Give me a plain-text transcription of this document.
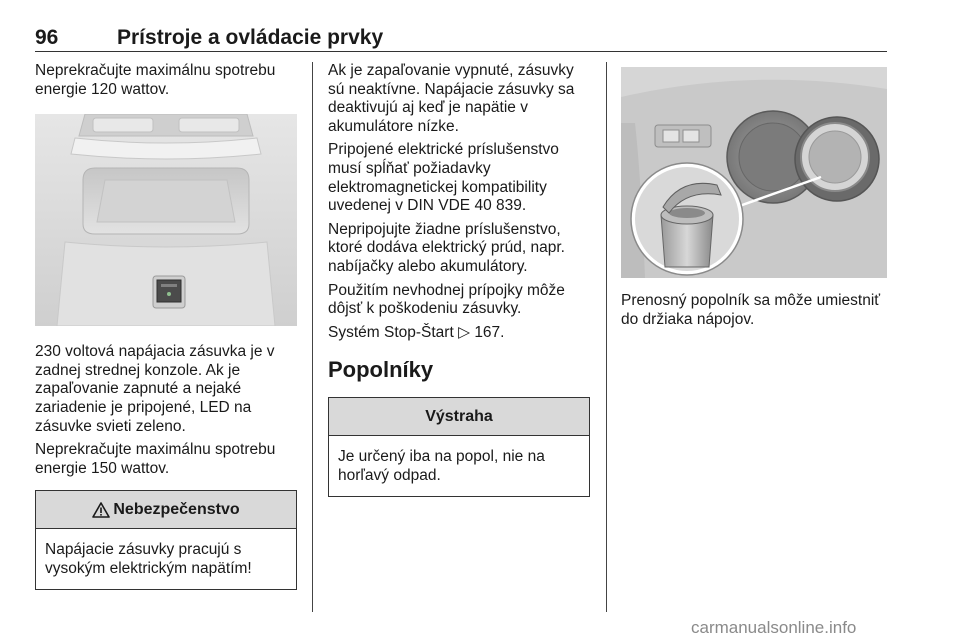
96	Prístroje a ovládacie prvky

Neprekračujte maximálnu spotrebu energie 120 wattov.

230 voltová napájacia zásuvka je v zadnej strednej konzole. Ak je zapaľovanie zapnuté a nejaké zariadenie je pripojené, LED na zásuvke svieti zeleno.

Neprekračujte maximálnu spotrebu energie 150 wattov.

Nebezpečenstvo
Napájacie zásuvky pracujú s vysokým elektrickým napätím!

Ak je zapaľovanie vypnuté, zásuvky sú neaktívne. Napájacie zásuvky sa deaktivujú aj keď je napätie v akumulátore nízke.

Pripojené elektrické príslušenstvo musí spĺňať požiadavky elektromagnetickej kompatibility uvedenej v DIN VDE 40 839.

Nepripojujte žiadne príslušenstvo, ktoré dodáva elektrický prúd, napr. nabíjačky alebo akumulátory.

Použitím nevhodnej prípojky môže dôjsť k poškodeniu zásuvky.

Systém Stop-Štart ▷ 167.

Popolníky
Výstraha
Je určený iba na popol, nie na horľavý odpad.

Prenosný popolník sa môže umiestniť do držiaka nápojov.

carmanualsonline.info
